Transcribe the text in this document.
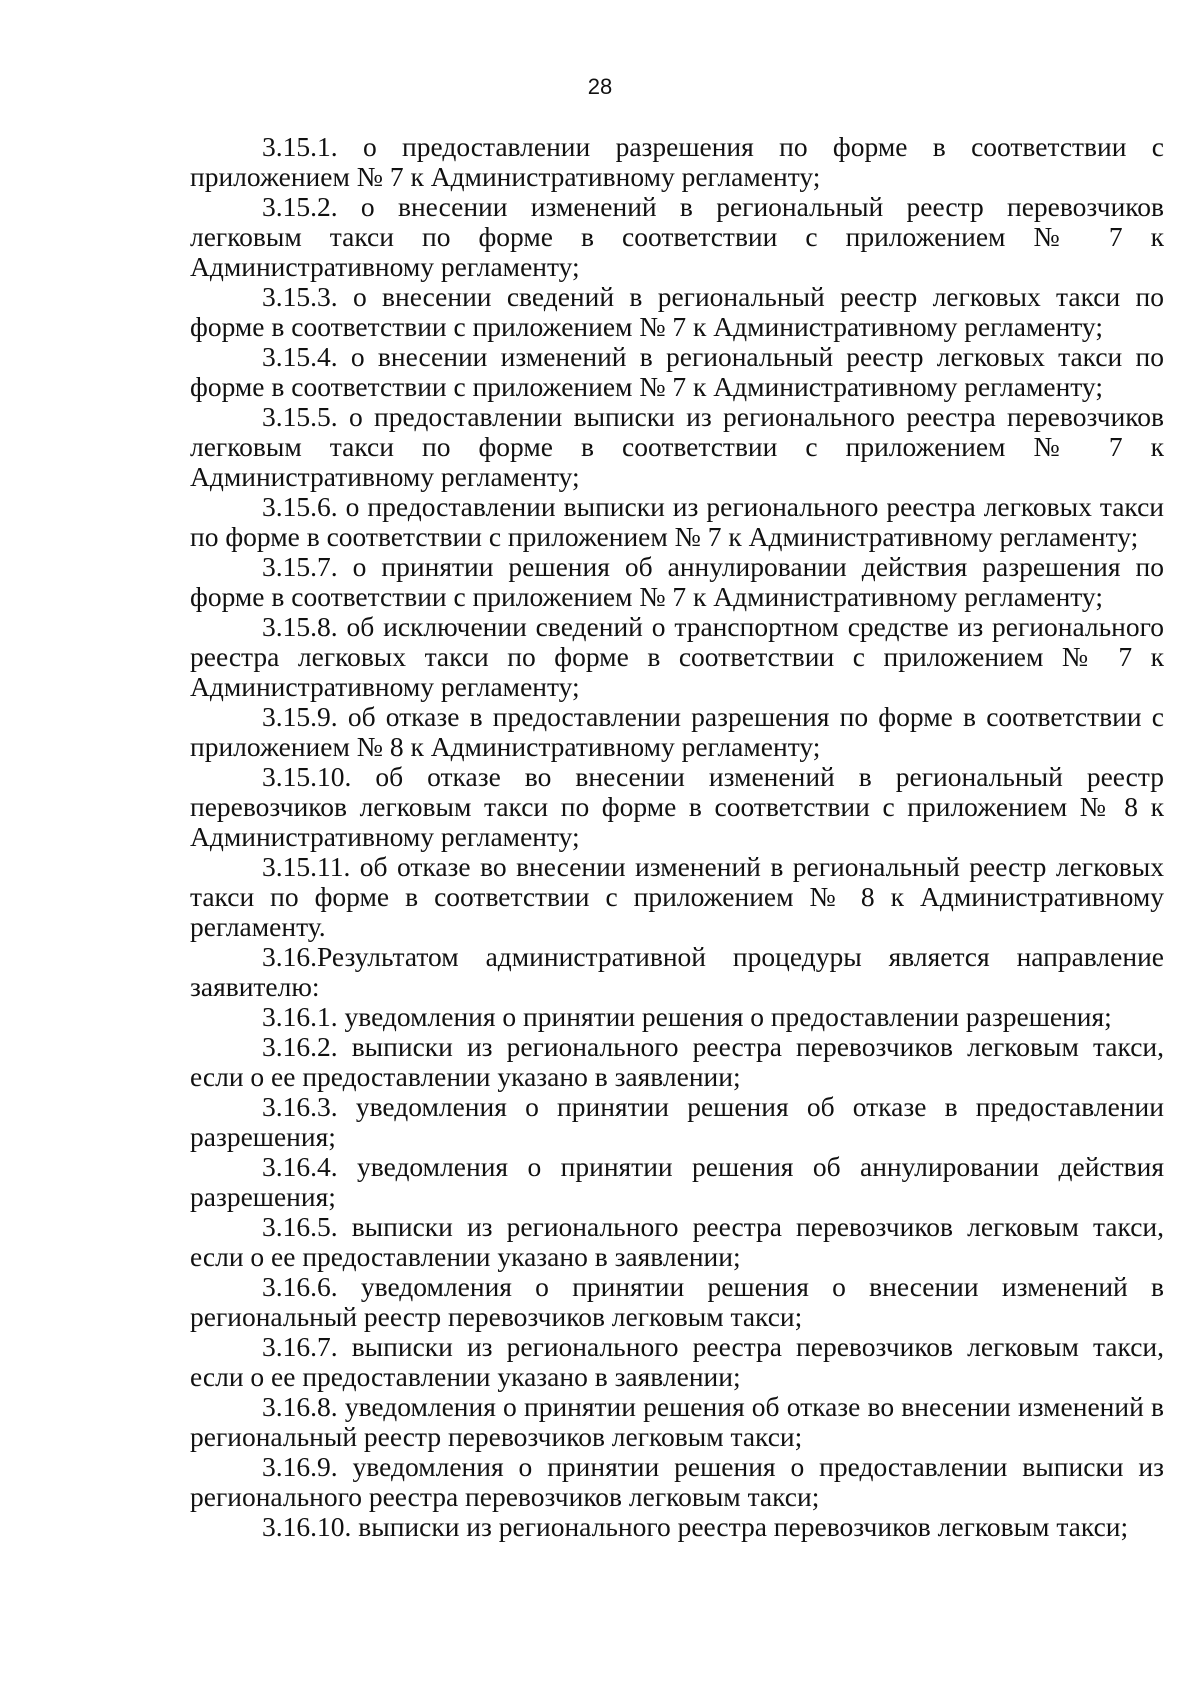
28

3.15.1. о предоставлении разрешения по форме в соответствии с приложением № 7 к Административному регламенту;

3.15.2. о внесении изменений в региональный реестр перевозчиков легковым такси по форме в соответствии с приложением № 7 к Административному регламенту;

3.15.3. о внесении сведений в региональный реестр легковых такси по форме в соответствии с приложением № 7 к Административному регламенту;

3.15.4. о внесении изменений в региональный реестр легковых такси по форме в соответствии с приложением № 7 к Административному регламенту;

3.15.5. о предоставлении выписки из регионального реестра перевозчиков легковым такси по форме в соответствии с приложением № 7 к Административному регламенту;

3.15.6. о предоставлении выписки из регионального реестра легковых такси по форме в соответствии с приложением № 7 к Административному регламенту;

3.15.7. о принятии решения об аннулировании действия разрешения по форме в соответствии с приложением № 7 к Административному регламенту;

3.15.8. об исключении сведений о транспортном средстве из регионального реестра легковых такси по форме в соответствии с приложением № 7 к Административному регламенту;

3.15.9. об отказе в предоставлении разрешения по форме в соответствии с приложением № 8 к Административному регламенту;

3.15.10. об отказе во внесении изменений в региональный реестр перевозчиков легковым такси по форме в соответствии с приложением № 8 к Административному регламенту;

3.15.11. об отказе во внесении изменений в региональный реестр легковых такси по форме в соответствии с приложением № 8 к Административному регламенту.

3.16.Результатом административной процедуры является направление заявителю:

3.16.1. уведомления о принятии решения о предоставлении разрешения;

3.16.2. выписки из регионального реестра перевозчиков легковым такси, если о ее предоставлении указано в заявлении;

3.16.3. уведомления о принятии решения об отказе в предоставлении разрешения;

3.16.4. уведомления о принятии решения об аннулировании действия разрешения;

3.16.5. выписки из регионального реестра перевозчиков легковым такси, если о ее предоставлении указано в заявлении;

3.16.6. уведомления о принятии решения о внесении изменений в региональный реестр перевозчиков легковым такси;

3.16.7. выписки из регионального реестра перевозчиков легковым такси, если о ее предоставлении указано в заявлении;

3.16.8. уведомления о принятии решения об отказе во внесении изменений в региональный реестр перевозчиков легковым такси;

3.16.9. уведомления о принятии решения о предоставлении выписки из регионального реестра перевозчиков легковым такси;

3.16.10. выписки из регионального реестра перевозчиков легковым такси;
